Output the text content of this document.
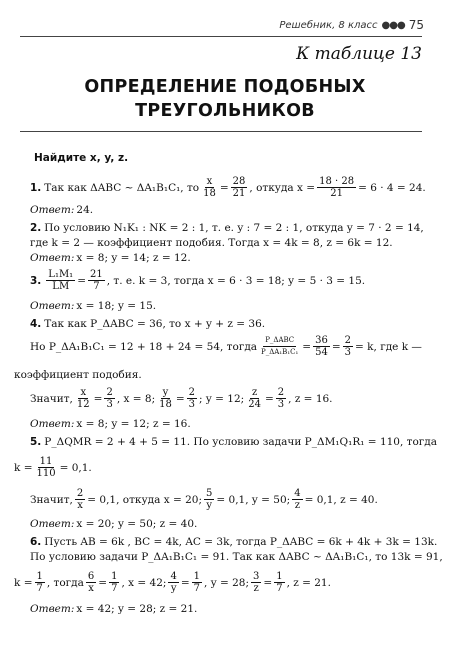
Решебник, 8 класс ●●● 75
К таблице 13
ОПРЕДЕЛЕНИЕ ПОДОБНЫХ
ТРЕУГОЛЬНИКОВ
Найдите x, y, z.
1. Так как ΔABC ~ ΔA₁B₁C₁, то $\frac{x}{18} = \frac{28}{21}$ , откуда $x = \frac{18 \cdot 28}{21} = 6 \cdot 4 = 24$.
Ответ: 24.
2. По условию N₁K₁ : NK = 2 : 1, т. е. y : 7 = 2 : 1, откуда y = 7 · 2 = 14,
где k = 2 — коэффициент подобия. Тогда x = 4k = 8, z = 6k = 12.
Ответ: x = 8; y = 14; z = 12.
3. $\frac{\text{L₁M₁}}{LM} = \frac{21}{7}$ , т. е. k = 3, тогда x = 6 · 3 = 18; y = 5 · 3 = 15.
Ответ: x = 18; y = 15.
4. Так как P_ΔABC = 36, то x + y + z = 36.
Но P_ΔA₁B₁C₁ = 12 + 18 + 24 = 54, тогда $\frac{\text{P\_ΔABC}}{\text{P\_ΔA₁B₁C₁}} = \frac{36}{54} = \frac{2}{3} = k$, где k —
коэффициент подобия.
Значит, $\frac{x}{12} = \frac{2}{3}$ , x = 8; $\frac{y}{18} = \frac{2}{3}$ ; y = 12; $\frac{z}{24} = \frac{2}{3}$ , z = 16.
Ответ: x = 8; y = 12; z = 16.
5. P_ΔQMR = 2 + 4 + 5 = 11. По условию задачи P_ΔM₁Q₁R₁ = 110, тогда
$k = \frac{11}{110} = 0,1$.
Значит, $\frac{2}{x} = 0,1$, откуда x = 20; $\frac{5}{y} = 0,1$, y = 50; $\frac{4}{z} = 0,1$, z = 40.
Ответ: x = 20; y = 50; z = 40.
6. Пусть AB = 6k , BC = 4k, AC = 3k, тогда P_ΔABC = 6k + 4k + 3k = 13k.
По условию задачи P_ΔA₁B₁C₁ = 91. Так как ΔABC ~ ΔA₁B₁C₁, то 13k = 91,
$k = \frac{1}{7}$ , тогда $\frac{6}{x} = \frac{1}{7}$ , x = 42; $\frac{4}{y} = \frac{1}{7}$ , y = 28; $\frac{3}{z} = \frac{1}{7}$ , z = 21.
Ответ: x = 42; y = 28; z = 21.
